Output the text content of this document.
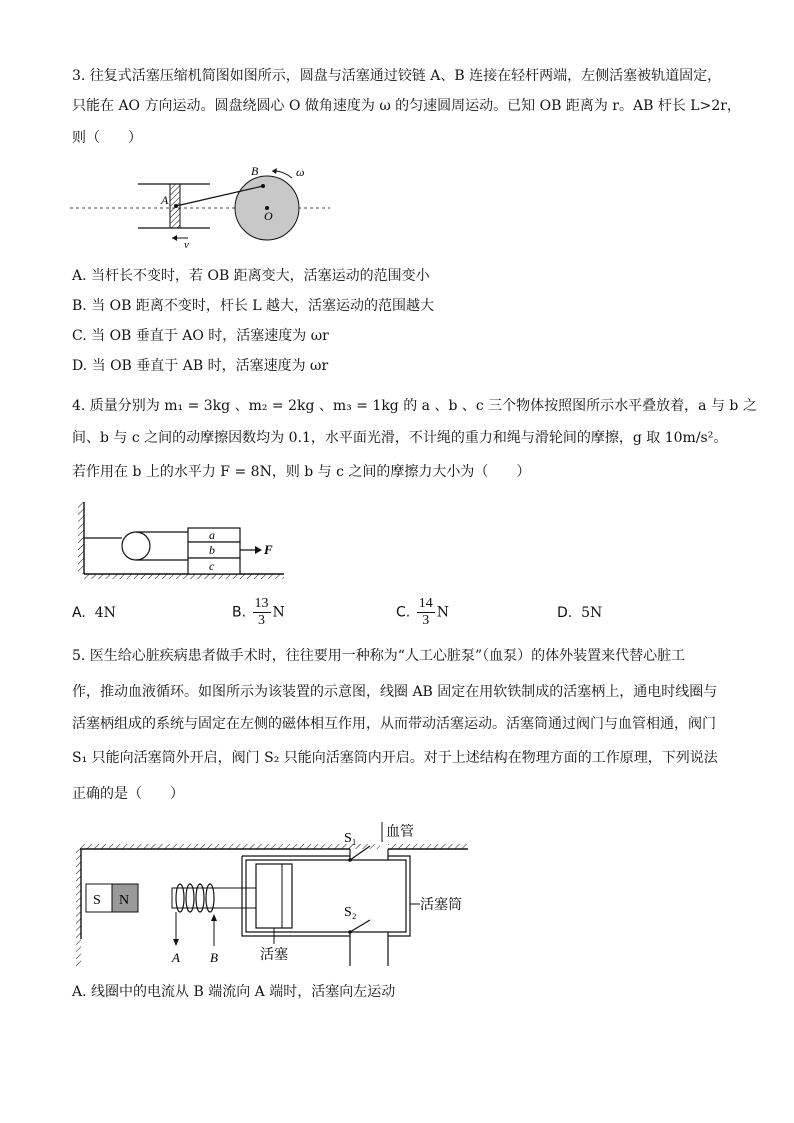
3. 往复式活塞压缩机简图如图所示，圆盘与活塞通过铰链 A、B 连接在轻杆两端，左侧活塞被轨道固定，
只能在 AO 方向运动。圆盘绕圆心 O 做角速度为 ω 的匀速圆周运动。已知 OB 距离为 r。AB 杆长 L>2r，
则（　　）
A
B
O
ω
v
A. 当杆长不变时，若 OB 距离变大，活塞运动的范围变小
B. 当 OB 距离不变时，杆长 L 越大，活塞运动的范围越大
C. 当 OB 垂直于 AO 时，活塞速度为 ωr
D. 当 OB 垂直于 AB 时，活塞速度为 ωr
4. 质量分别为 m₁ = 3kg 、m₂ = 2kg 、m₃ = 1kg 的 a 、b 、c 三个物体按照图所示水平叠放着，a 与 b 之
间、b 与 c 之间的动摩擦因数均为 0.1，水平面光滑，不计绳的重力和绳与滑轮间的摩擦，g 取 10m/s²。
若作用在 b 上的水平力 F = 8N，则 b 与 c 之间的摩擦力大小为（　　）
a
b
c
F
A. 4N	B. $\frac{13}{3}$ N	C. $\frac{14}{3}$ N	D. 5N
5. 医生给心脏疾病患者做手术时，往往要用一种称为“人工心脏泵”（血泵）的体外装置来代替心脏工
作，推动血液循环。如图所示为该装置的示意图，线圈 AB 固定在用软铁制成的活塞柄上，通电时线圈与
活塞柄组成的系统与固定在左侧的磁体相互作用，从而带动活塞运动。活塞筒通过阀门与血管相通，阀门
S₁ 只能向活塞筒外开启，阀门 S₂ 只能向活塞筒内开启。对于上述结构在物理方面的工作原理，下列说法
正确的是（　　）
S N
A B
S₁
S₂
血管
活塞筒
活塞
A. 线圈中的电流从 B 端流向 A 端时，活塞向左运动
